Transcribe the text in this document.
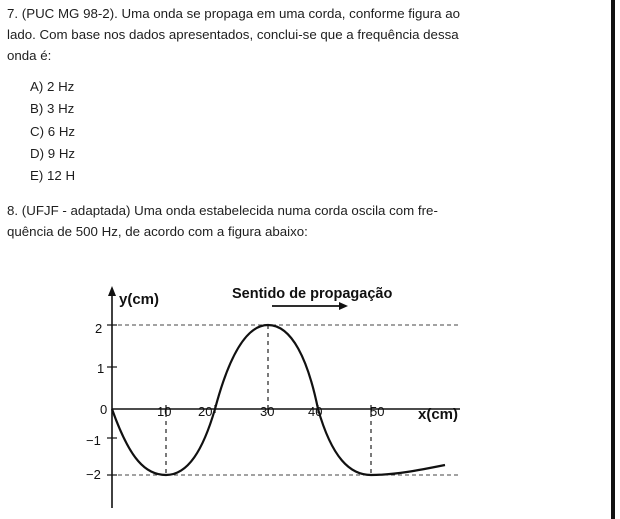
7. (PUC MG 98-2). Uma onda se propaga em uma corda, conforme figura ao
lado. Com base nos dados apresentados, conclui-se que a frequência dessa
onda é:
A) 2 Hz
B) 3 Hz
C) 6 Hz
D) 9 Hz
E) 12 H
8. (UFJF - adaptada) Uma onda estabelecida numa corda oscila com fre-
quência de 500 Hz, de acordo com a figura abaixo:
y(cm)	Sentido de propagação
x(cm)
2
1
0
−1
−2
10 20	30	40	50
